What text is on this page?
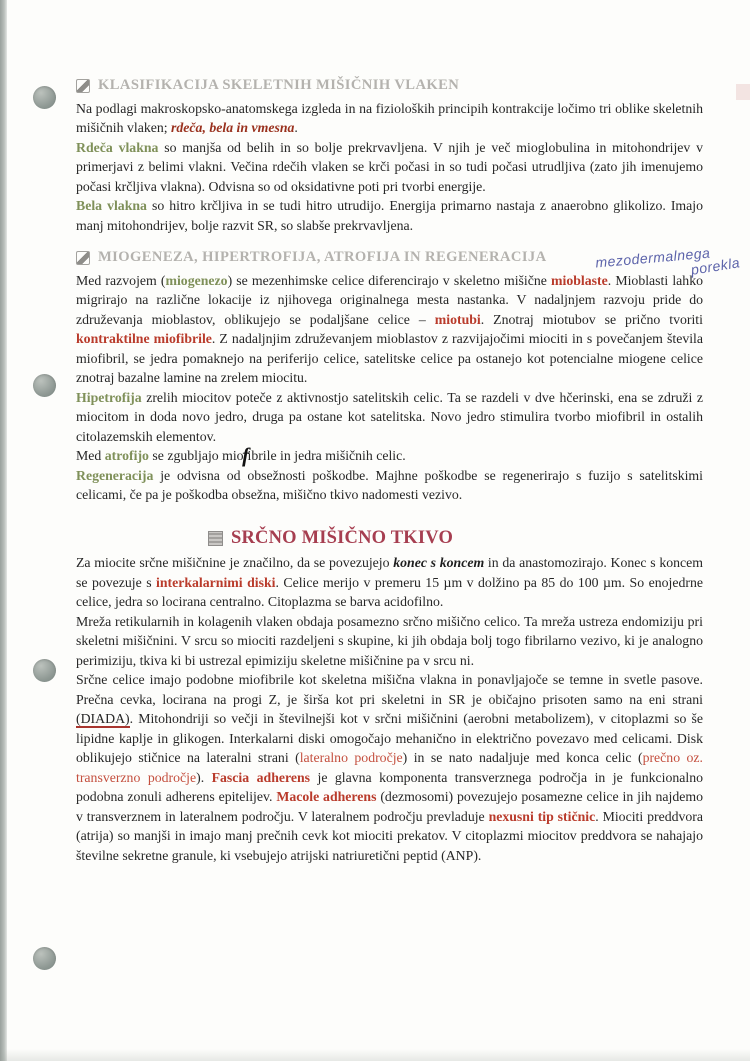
KLASIFIKACIJA SKELETNIH MIŠIČNIH VLAKEN

Na podlagi makroskopsko-anatomskega izgleda in na fizioloških principih kontrakcije ločimo tri oblike skeletnih mišičnih vlaken; rdeča, bela in vmesna.

Rdeča vlakna so manjša od belih in so bolje prekrvavljena. V njih je več mioglobulina in mitohondrijev v primerjavi z belimi vlakni. Večina rdečih vlaken se krči počasi in so tudi počasi utrudljiva (zato jih imenujemo počasi krčljiva vlakna). Odvisna so od oksidativne poti pri tvorbi energije.

Bela vlakna so hitro krčljiva in se tudi hitro utrudijo. Energija primarno nastaja z anaerobno glikolizo. Imajo manj mitohondrijev, bolje razvit SR, so slabše prekrvavljena.

MIOGENEZA, HIPERTROFIJA, ATROFIJA IN REGENERACIJA

Med razvojem (miogenezo) se mezenhimske celice diferencirajo v skeletno mišične mioblaste. Mioblasti lahko migrirajo na različne lokacije iz njihovega originalnega mesta nastanka. V nadaljnjem razvoju pride do združevanja mioblastov, oblikujejo se podaljšane celice – miotubi. Znotraj miotubov se prično tvoriti kontraktilne miofibrile. Z nadaljnjim združevanjem mioblastov z razvijajočimi miociti in s povečanjem števila miofibril, se jedra pomaknejo na periferijo celice, satelitske celice pa ostanejo kot potencialne miogene celice znotraj bazalne lamine na zrelem miocitu.

Hipetrofija zrelih miocitov poteče z aktivnostjo satelitskih celic. Ta se razdeli v dve hčerinski, ena se združi z miocitom in doda novo jedro, druga pa ostane kot satelitska. Novo jedro stimulira tvorbo miofibril in ostalih citolazemskih elementov.

Med atrofijo se zgubljajo miofibrile in jedra mišičnih celic.

Regeneracija je odvisna od obsežnosti poškodbe. Majhne poškodbe se regenerirajo s fuzijo s satelitskimi celicami, če pa je poškodba obsežna, mišično tkivo nadomesti vezivo.

SRČNO MIŠIČNO TKIVO

Za miocite srčne mišičnine je značilno, da se povezujejo konec s koncem in da anastomozirajo. Konec s koncem se povezuje s interkalarnimi diski. Celice merijo v premeru 15 µm v dolžino pa 85 do 100 µm. So enojedrne celice, jedra so locirana centralno. Citoplazma se barva acidofilno.

Mreža retikularnih in kolagenih vlaken obdaja posamezno srčno mišično celico. Ta mreža ustreza endomiziju pri skeletni mišičnini. V srcu so miociti razdeljeni s skupine, ki jih obdaja bolj togo fibrilarno vezivo, ki je analogno perimiziju, tkiva ki bi ustrezal epimiziju skeletne mišičnine pa v srcu ni.

Srčne celice imajo podobne miofibrile kot skeletna mišična vlakna in ponavljajoče se temne in svetle pasove. Prečna cevka, locirana na progi Z, je širša kot pri skeletni in SR je običajno prisoten samo na eni strani (DIADA). Mitohondriji so večji in številnejši kot v srčni mišičnini (aerobni metabolizem), v citoplazmi so še lipidne kaplje in glikogen. Interkalarni diski omogočajo mehanično in električno povezavo med celicami. Disk oblikujejo stičnice na lateralni strani (lateralno področje) in se nato nadaljuje med konca celic (prečno oz. transverzno področje). Fascia adherens je glavna komponenta transverznega področja in je funkcionalno podobna zonuli adherens epitelijev. Macole adherens (dezmosomi) povezujejo posamezne celice in jih najdemo v transverznem in lateralnem področju. V lateralnem področju prevladuje nexusni tip stičnic. Miociti preddvora (atrija) so manjši in imajo manj prečnih cevk kot miociti prekatov. V citoplazmi miocitov preddvora se nahajajo številne sekretne granule, ki vsebujejo atrijski natriuretični peptid (ANP).

mezodermalnega
porekla
